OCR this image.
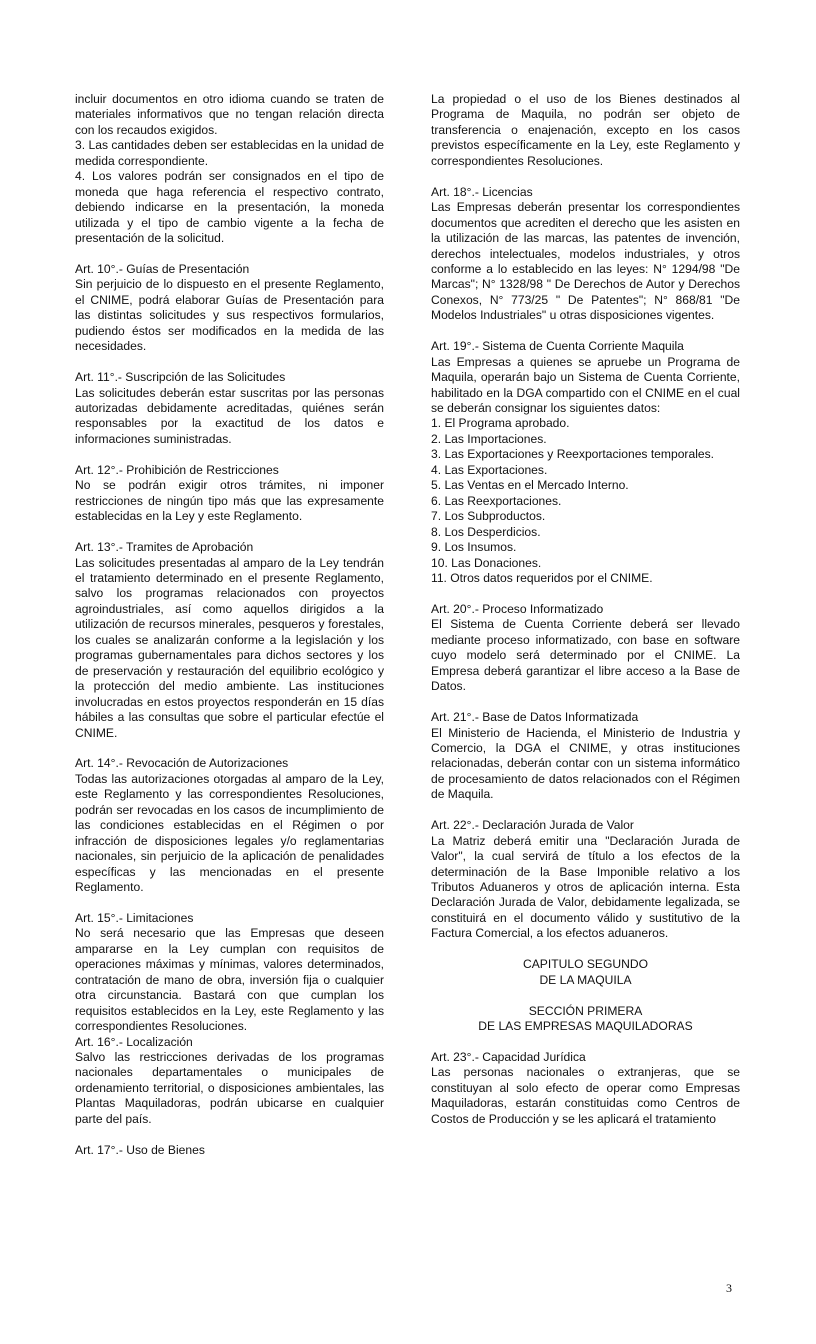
incluir documentos en otro idioma cuando se traten de materiales informativos que no tengan relación directa con los recaudos exigidos.
3. Las cantidades deben ser establecidas en la unidad de medida correspondiente.
4. Los valores podrán ser consignados en el tipo de moneda que haga referencia el respectivo contrato, debiendo indicarse en la presentación, la moneda utilizada y el tipo de cambio vigente a la fecha de presentación de la solicitud.
Art. 10°.- Guías de Presentación
Sin perjuicio de lo dispuesto en el presente Reglamento, el CNIME, podrá elaborar Guías de Presentación para las distintas solicitudes y sus respectivos formularios, pudiendo éstos ser modificados en la medida de las necesidades.
Art. 11°.- Suscripción de las Solicitudes
Las solicitudes deberán estar suscritas por las personas autorizadas debidamente acreditadas, quiénes serán responsables por la exactitud de los datos e informaciones suministradas.
Art. 12°.- Prohibición de Restricciones
No se podrán exigir otros trámites, ni imponer restricciones de ningún tipo más que las expresamente establecidas en la Ley y este Reglamento.
Art. 13°.- Tramites de Aprobación
Las solicitudes presentadas al amparo de la Ley tendrán el tratamiento determinado en el presente Reglamento, salvo los programas relacionados con proyectos agroindustriales, así como aquellos dirigidos a la utilización de recursos minerales, pesqueros y forestales, los cuales se analizarán conforme a la legislación y los programas gubernamentales para dichos sectores y los de preservación y restauración del equilibrio ecológico y la protección del medio ambiente. Las instituciones involucradas en estos proyectos responderán en 15 días hábiles a las consultas que sobre el particular efectúe el CNIME.
Art. 14°.- Revocación de Autorizaciones
Todas las autorizaciones otorgadas al amparo de la Ley, este Reglamento y las correspondientes Resoluciones, podrán ser revocadas en los casos de incumplimiento de las condiciones establecidas en el Régimen o por infracción de disposiciones legales y/o reglamentarias nacionales, sin perjuicio de la aplicación de penalidades específicas y las mencionadas en el presente Reglamento.
Art. 15°.- Limitaciones
No será necesario que las Empresas que deseen ampararse en la Ley cumplan con requisitos de operaciones máximas y mínimas, valores determinados, contratación de mano de obra, inversión fija o cualquier otra circunstancia. Bastará con que cumplan los requisitos establecidos en la Ley, este Reglamento y las correspondientes Resoluciones.
Art. 16°.- Localización
Salvo las restricciones derivadas de los programas nacionales departamentales o municipales de ordenamiento territorial, o disposiciones ambientales, las Plantas Maquiladoras, podrán ubicarse en cualquier parte del país.
Art. 17°.- Uso de Bienes
La propiedad o el uso de los Bienes destinados al Programa de Maquila, no podrán ser objeto de transferencia o enajenación, excepto en los casos previstos específicamente en la Ley, este Reglamento y correspondientes Resoluciones.
Art. 18°.- Licencias
Las Empresas deberán presentar los correspondientes documentos que acrediten el derecho que les asisten en la utilización de las marcas, las patentes de invención, derechos intelectuales, modelos industriales, y otros conforme a lo establecido en las leyes: N° 1294/98 "De Marcas"; N° 1328/98 " De Derechos de Autor y Derechos Conexos, N° 773/25 " De Patentes"; N° 868/81 "De Modelos Industriales" u otras disposiciones vigentes.
Art. 19°.- Sistema de Cuenta Corriente Maquila
Las Empresas a quienes se apruebe un Programa de Maquila, operarán bajo un Sistema de Cuenta Corriente, habilitado en la DGA compartido con el CNIME en el cual se deberán consignar los siguientes datos:
1. El Programa aprobado.
2. Las Importaciones.
3. Las Exportaciones y Reexportaciones temporales.
4. Las Exportaciones.
5. Las Ventas en el Mercado Interno.
6. Las Reexportaciones.
7. Los Subproductos.
8. Los Desperdicios.
9. Los Insumos.
10. Las Donaciones.
11. Otros datos requeridos por el CNIME.
Art. 20°.- Proceso Informatizado
El Sistema de Cuenta Corriente deberá ser llevado mediante proceso informatizado, con base en software cuyo modelo será determinado por el CNIME. La Empresa deberá garantizar el libre acceso a la Base de Datos.
Art. 21°.- Base de Datos Informatizada
El Ministerio de Hacienda, el Ministerio de Industria y Comercio, la DGA el CNIME, y otras instituciones relacionadas, deberán contar con un sistema informático de procesamiento de datos relacionados con el Régimen de Maquila.
Art. 22°.- Declaración Jurada de Valor
La Matriz deberá emitir una "Declaración Jurada de Valor", la cual servirá de título a los efectos de la determinación de la Base Imponible relativo a los Tributos Aduaneros y otros de aplicación interna. Esta Declaración Jurada de Valor, debidamente legalizada, se constituirá en el documento válido y sustitutivo de la Factura Comercial, a los efectos aduaneros.
CAPITULO SEGUNDO
DE LA MAQUILA
SECCIÓN PRIMERA
DE LAS EMPRESAS MAQUILADORAS
Art. 23°.- Capacidad Jurídica
Las personas nacionales o extranjeras, que se constituyan al solo efecto de operar como Empresas Maquiladoras, estarán constituidas como Centros de Costos de Producción y se les aplicará el tratamiento
3
